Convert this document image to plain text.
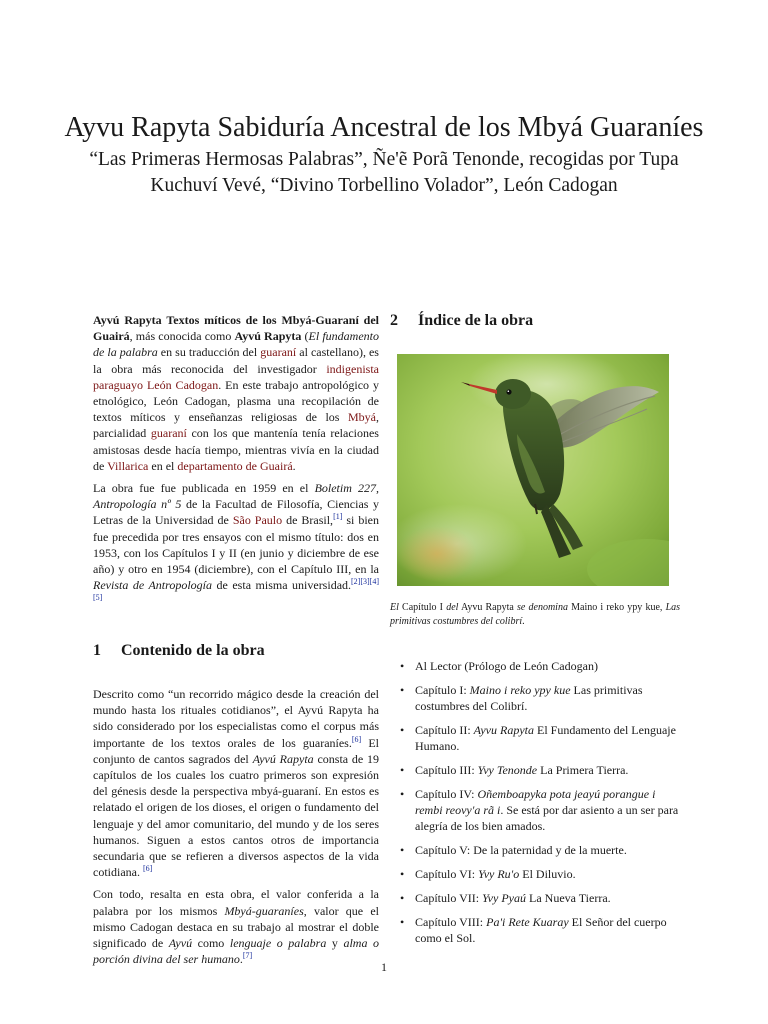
Ayvu Rapyta Sabiduría Ancestral de los Mbyá Guaraníes
“Las Primeras Hermosas Palabras”, Ñe'ẽ Porã Tenonde, recogidas por Tupa Kuchuví Vevé, “Divino Torbellino Volador”, León Cadogan

Ayvú Rapyta Textos míticos de los Mbyá-Guaraní del Guairá, más conocida como Ayvú Rapyta (El fundamento de la palabra en su traducción del guaraní al castellano), es la obra más reconocida del investigador indigenista paraguayo León Cadogan. En este trabajo antropológico y etnológico, León Cadogan, plasma una recopilación de textos míticos y enseñanzas religiosas de los Mbyá, parcialidad guaraní con los que mantenía tenía relaciones amistosas desde hacía tiempo, mientras vivía en la ciudad de Villarica en el departamento de Guairá.

La obra fue fue publicada en 1959 en el Boletim 227, Antropología nº 5 de la Facultad de Filosofía, Ciencias y Letras de la Universidad de São Paulo de Brasil,[1] si bien fue precedida por tres ensayos con el mismo título: dos en 1953, con los Capítulos I y II (en junio y diciembre de ese año) y otro en 1954 (diciembre), con el Capítulo III, en la Revista de Antropología de esta misma universidad.[2][3][4][5]

1	Contenido de la obra

Descrito como “un recorrido mágico desde la creación del mundo hasta los rituales cotidianos”, el Ayvú Rapyta ha sido considerado por los especialistas como el corpus más importante de los textos orales de los guaraníes.[6] El conjunto de cantos sagrados del Ayvú Rapyta consta de 19 capítulos de los cuales los cuatro primeros son expresión del génesis desde la perspectiva mbyá-guaraní. En estos es relatado el origen de los dioses, el origen o fundamento del lenguaje y del amor comunitario, del mundo y de los seres humanos. Siguen a estos cantos otros de importancia secundaria que se refieren a diversos aspectos de la vida cotidiana. [6]

Con todo, resalta en esta obra, el valor conferida a la palabra por los mismos Mbyá-guaraníes, valor que el mismo Cadogan destaca en su trabajo al mostrar el doble significado de Ayvú como lenguaje o palabra y alma o porción divina del ser humano.[7]

2	Índice de la obra

El Capítulo I del Ayvu Rapyta se denomina Maino i reko ypy kue, Las primitivas costumbres del colibrí.

• Al Lector (Prólogo de León Cadogan)
• Capítulo I: Maino i reko ypy kue Las primitivas costumbres del Colibrí.
• Capítulo II: Ayvu Rapyta El Fundamento del Lenguaje Humano.
• Capítulo III: Yvy Tenonde La Primera Tierra.
• Capítulo IV: Oñemboapyka pota jeayú porangue i rembi reovy'a rã i. Se está por dar asiento a un ser para alegría de los bien amados.
• Capítulo V: De la paternidad y de la muerte.
• Capítulo VI: Yvy Ru'o El Diluvio.
• Capítulo VII: Yvy Pyaú La Nueva Tierra.
• Capítulo VIII: Pa'i Rete Kuaray El Señor del cuerpo como el Sol.
1
